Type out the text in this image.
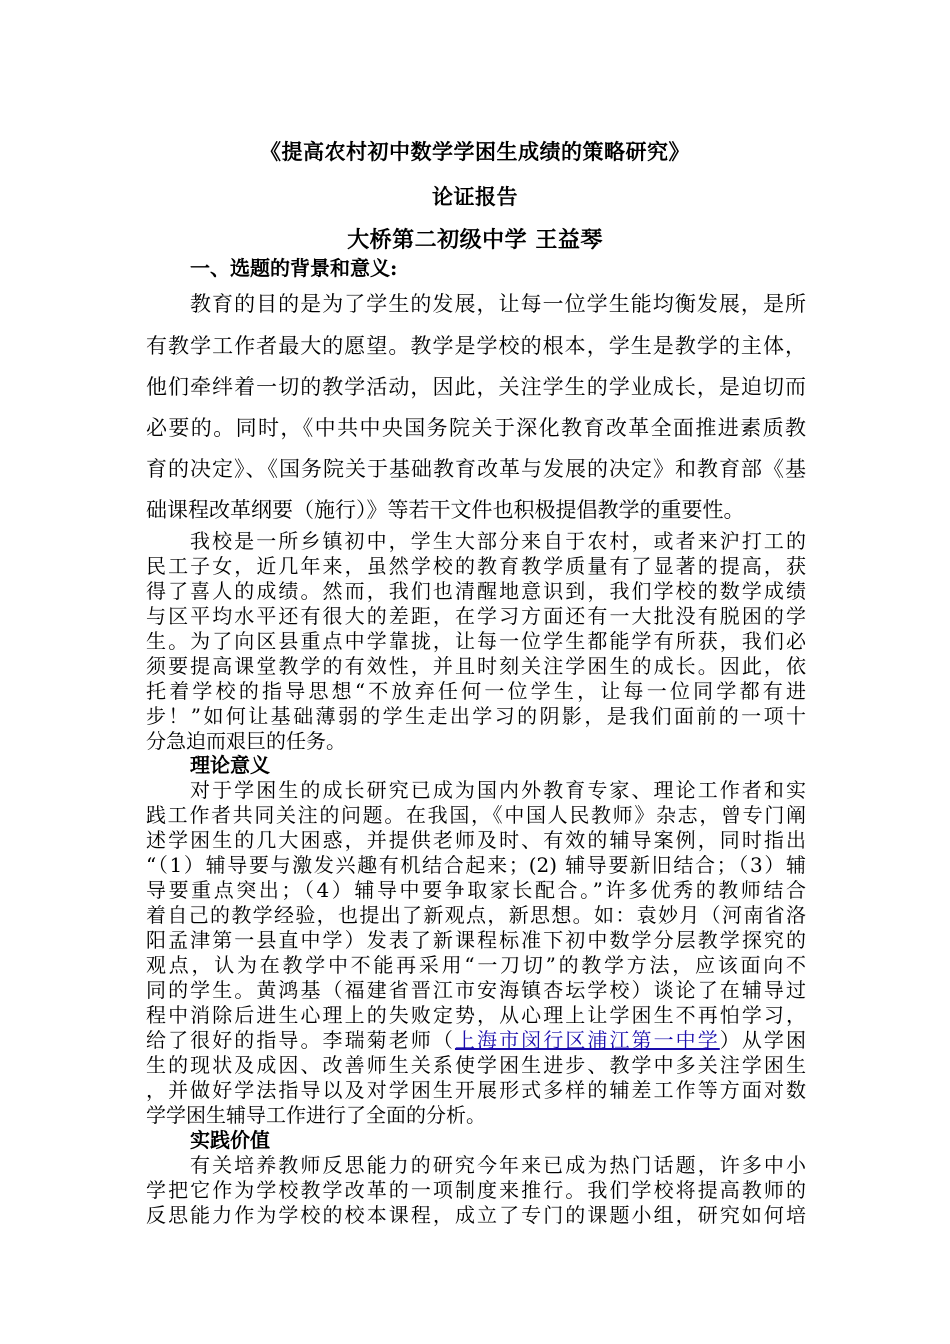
《提高农村初中数学学困生成绩的策略研究》
论证报告
大桥第二初级中学 王益琴
一、选题的背景和意义:
教育的目的是为了学生的发展，让每一位学生能均衡发展，是所
有教学工作者最大的愿望。教学是学校的根本，学生是教学的主体，
他们牵绊着一切的教学活动，因此，关注学生的学业成长，是迫切而
必要的。同时，《中共中央国务院关于深化教育改革全面推进素质教
育的决定》、《国务院关于基础教育改革与发展的决定》和教育部《基
础课程改革纲要（施行）》等若干文件也积极提倡教学的重要性。
我校是一所乡镇初中，学生大部分来自于农村，或者来沪打工的
民工子女，近几年来，虽然学校的教育教学质量有了显著的提高，获
得了喜人的成绩。然而，我们也清醒地意识到，我们学校的数学成绩
与区平均水平还有很大的差距，在学习方面还有一大批没有脱困的学
生。为了向区县重点中学靠拢，让每一位学生都能学有所获，我们必
须要提高课堂教学的有效性，并且时刻关注学困生的成长。因此，依
托着学校的指导思想“不放弃任何一位学生，让每一位同学都有进
步！”如何让基础薄弱的学生走出学习的阴影，是我们面前的一项十
分急迫而艰巨的任务。
理论意义
对于学困生的成长研究已成为国内外教育专家、理论工作者和实
践工作者共同关注的问题。在我国，《中国人民教师》杂志，曾专门阐
述学困生的几大困惑，并提供老师及时、有效的辅导案例，同时指出
“（1）辅导要与激发兴趣有机结合起来；(2) 辅导要新旧结合；（3）辅
导要重点突出；（4）辅导中要争取家长配合。”许多优秀的教师结合
着自己的教学经验，也提出了新观点，新思想。如：袁妙月（河南省洛
阳孟津第一县直中学）发表了新课程标准下初中数学分层教学探究的
观点，认为在教学中不能再采用“一刀切”的教学方法，应该面向不
同的学生。黄鸿基（福建省晋江市安海镇杏坛学校）谈论了在辅导过
程中消除后进生心理上的失败定势，从心理上让学困生不再怕学习，
给了很好的指导。李瑞菊老师（上海市闵行区浦江第一中学）从学困
生的现状及成因、改善师生关系使学困生进步、教学中多关注学困生
，并做好学法指导以及对学困生开展形式多样的辅差工作等方面对数
学学困生辅导工作进行了全面的分析。
实践价值
有关培养教师反思能力的研究今年来已成为热门话题，许多中小
学把它作为学校教学改革的一项制度来推行。我们学校将提高教师的
反思能力作为学校的校本课程，成立了专门的课题小组，研究如何培
